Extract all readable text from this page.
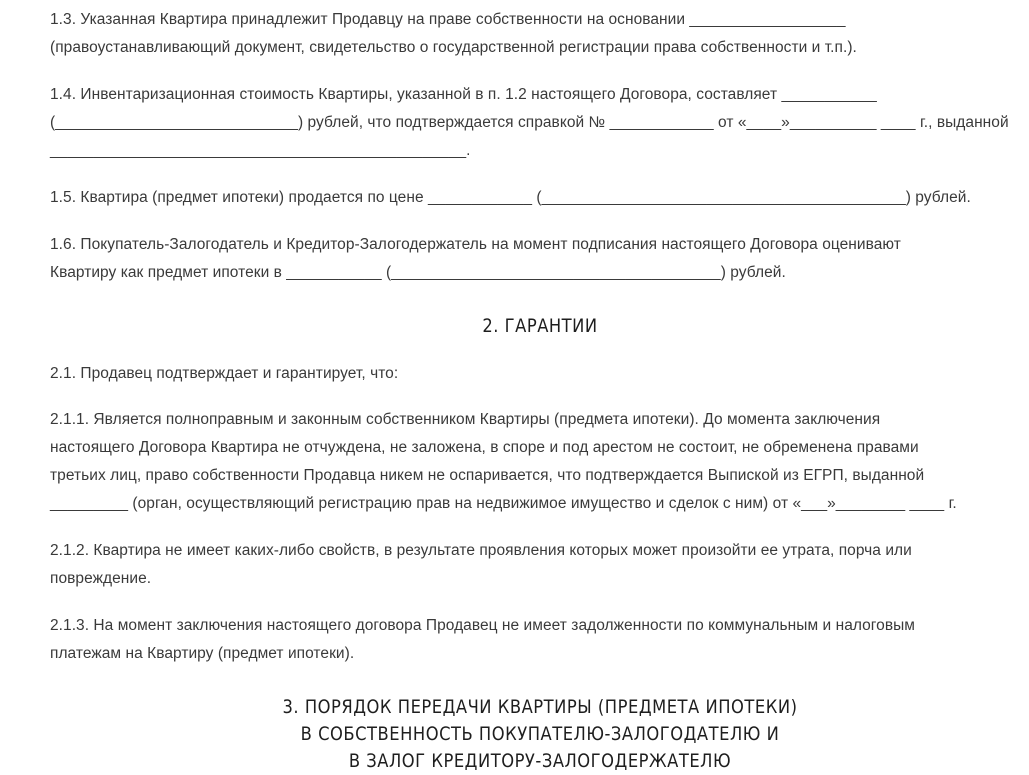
1.3. Указанная Квартира принадлежит Продавцу на праве собственности на основании __________________
(правоустанавливающий документ, свидетельство о государственной регистрации права собственности и т.п.).
1.4. Инвентаризационная стоимость Квартиры, указанной в п. 1.2 настоящего Договора, составляет ___________
(____________________________) рублей, что подтверждается справкой № ____________ от «____»__________ ____ г., выданной
________________________________________________.
1.5. Квартира (предмет ипотеки) продается по цене ____________ (__________________________________________) рублей.
1.6. Покупатель-Залогодатель и Кредитор-Залогодержатель на момент подписания настоящего Договора оценивают
Квартиру как предмет ипотеки в ___________ (______________________________________) рублей.
2. ГАРАНТИИ
2.1. Продавец подтверждает и гарантирует, что:
2.1.1. Является полноправным и законным собственником Квартиры (предмета ипотеки). До момента заключения
настоящего Договора Квартира не отчуждена, не заложена, в споре и под арестом не состоит, не обременена правами
третьих лиц, право собственности Продавца никем не оспаривается, что подтверждается Выпиской из ЕГРП, выданной
_________ (орган, осуществляющий регистрацию прав на недвижимое имущество и сделок с ним) от «___»________ ____ г.
2.1.2. Квартира не имеет каких-либо свойств, в результате проявления которых может произойти ее утрата, порча или
повреждение.
2.1.3. На момент заключения настоящего договора Продавец не имеет задолженности по коммунальным и налоговым
платежам на Квартиру (предмет ипотеки).
3. ПОРЯДОК ПЕРЕДАЧИ КВАРТИРЫ (ПРЕДМЕТА ИПОТЕКИ)
В СОБСТВЕННОСТЬ ПОКУПАТЕЛЮ-ЗАЛОГОДАТЕЛЮ И
В ЗАЛОГ КРЕДИТОРУ-ЗАЛОГОДЕРЖАТЕЛЮ
